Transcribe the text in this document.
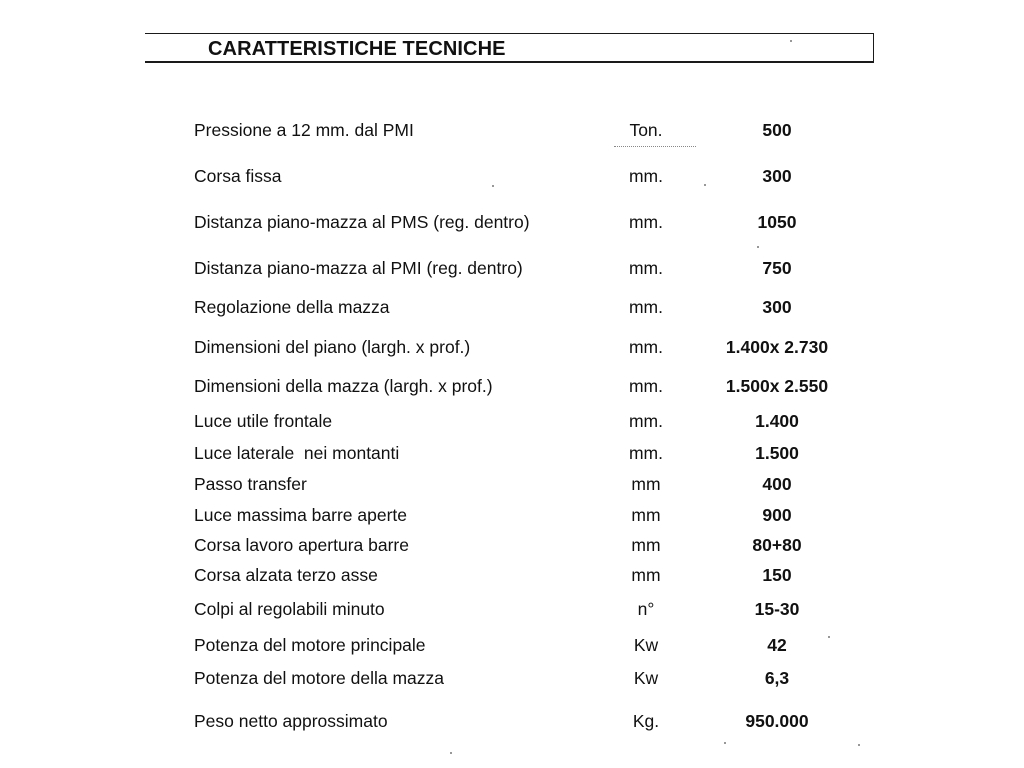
CARATTERISTICHE TECNICHE
Pressione a 12 mm. dal PMI	Ton.	500
Corsa fissa	mm.	300
Distanza piano-mazza al PMS (reg. dentro)	mm.	1050
Distanza piano-mazza al PMI (reg. dentro)	mm.	750
Regolazione della mazza	mm.	300
Dimensioni del piano (largh. x prof.)	mm.	1.400x 2.730
Dimensioni della mazza (largh. x prof.)	mm.	1.500x 2.550
Luce utile frontale	mm.	1.400
Luce laterale  nei montanti	mm.	1.500
Passo transfer	mm	400
Luce massima barre aperte	mm	900
Corsa lavoro apertura barre	mm	80+80
Corsa alzata terzo asse	mm	150
Colpi al regolabili minuto	n°	15-30
Potenza del motore principale	Kw	42
Potenza del motore della mazza	Kw	6,3
Peso netto approssimato	Kg.	950.000
